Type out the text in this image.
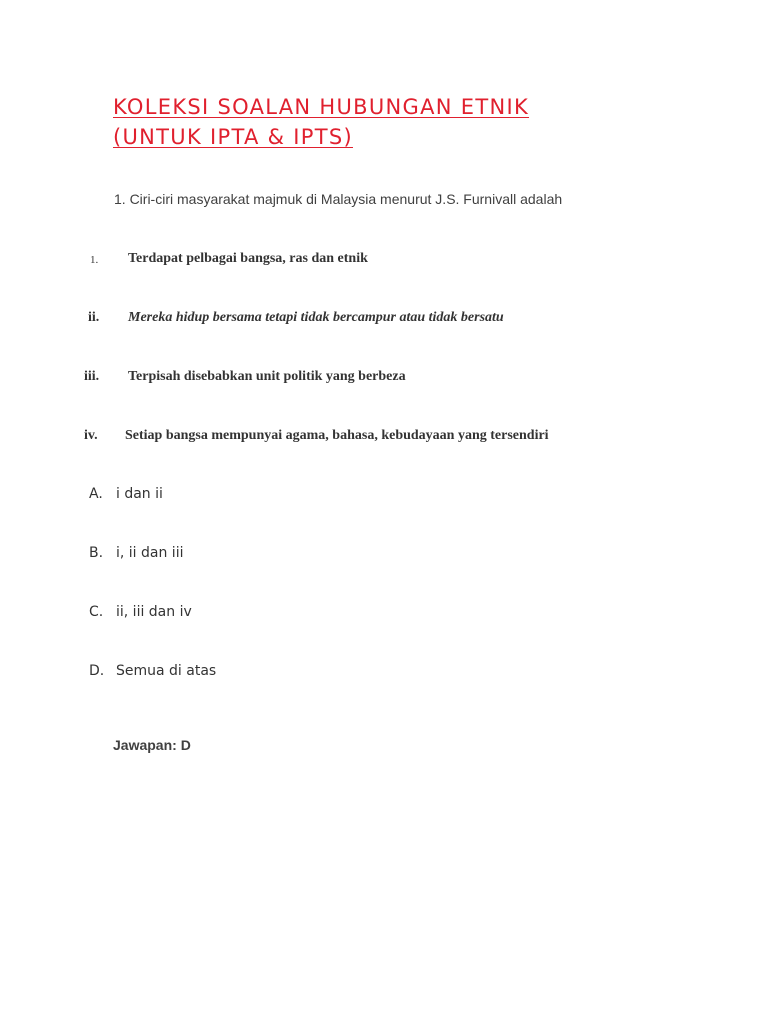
KOLEKSI SOALAN HUBUNGAN ETNIK
(UNTUK IPTA & IPTS)
1. Ciri-ciri masyarakat majmuk di Malaysia menurut J.S. Furnivall adalah
1. Terdapat pelbagai bangsa, ras dan etnik
ii. Mereka hidup bersama tetapi tidak bercampur atau tidak bersatu
iii. Terpisah disebabkan unit politik yang berbeza
iv. Setiap bangsa mempunyai agama, bahasa, kebudayaan yang tersendiri
A. i dan ii
B. i, ii dan iii
C. ii, iii dan iv
D. Semua di atas
Jawapan: D
